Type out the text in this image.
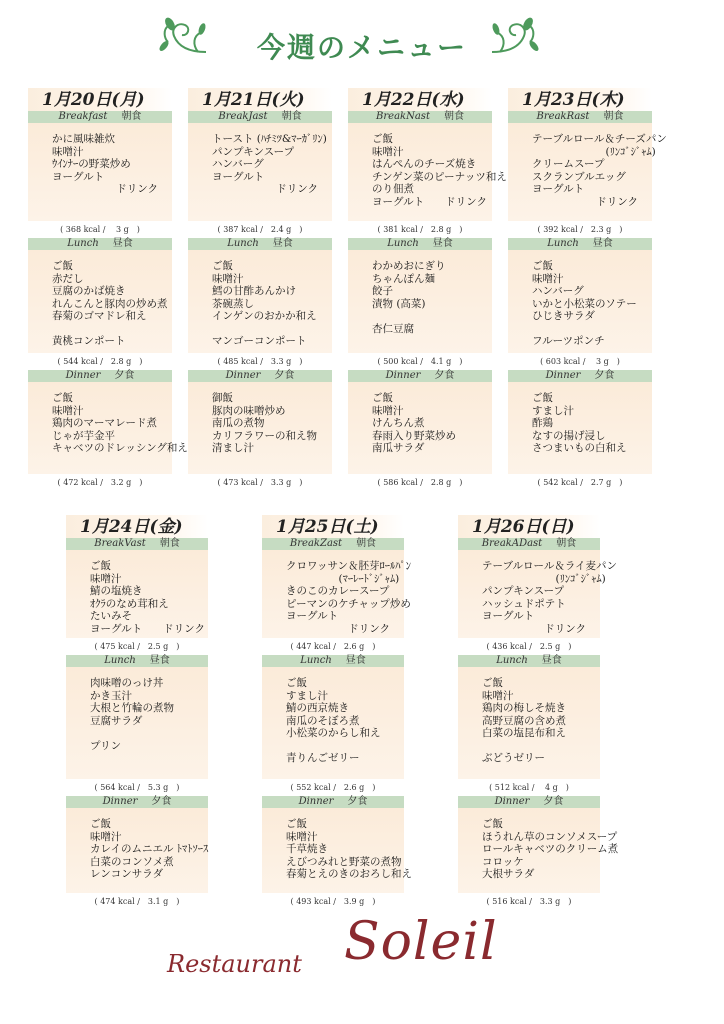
今週のメニュー
1月20日(月)
Breakfast 朝食
かに風味雑炊
味噌汁
ｳｲﾝﾅｰの野菜炒め
ヨーグルト
ドリンク
( 368 kcal /　 3 g　)
Lunch 昼食
ご飯
赤だし
豆腐のかば焼き
れんこんと豚肉の炒め煮
春菊のゴマドレ和え
黄桃コンポート
( 544 kcal /　2.8 g　)
Dinner 夕食
ご飯
味噌汁
鶏肉のマーマレード煮
じゃが芋金平
キャベツのドレッシング和え
( 472 kcal /　3.2 g　)
1月21日(火)
BreakJast 朝食
トースト (ﾊﾁﾐﾂ&ﾏｰｶﾞﾘﾝ)
パンプキンスープ
ハンバーグ
ヨーグルト
ドリンク
( 387 kcal /　2.4 g　)
Lunch 昼食
ご飯
味噌汁
鱈の甘酢あんかけ
茶碗蒸し
インゲンのおかか和え
マンゴーコンポート
( 485 kcal /　3.3 g　)
Dinner 夕食
御飯
豚肉の味噌炒め
南瓜の煮物
カリフラワーの和え物
清まし汁
( 473 kcal /　3.3 g　)
1月22日(水)
BreakNast 朝食
ご飯
味噌汁
はんぺんのチーズ焼き
チンゲン菜のピーナッツ和え
のり佃煮
ヨーグルト　　ドリンク
( 381 kcal /　2.8 g　)
Lunch 昼食
わかめおにぎり
ちゃんぽん麺
餃子
漬物 (高菜)
杏仁豆腐
( 500 kcal /　4.1 g　)
Dinner 夕食
ご飯
味噌汁
けんちん煮
春雨入り野菜炒め
南瓜サラダ
( 586 kcal /　2.8 g　)
1月23日(木)
BreakRast 朝食
テーブルロール＆チーズパン
　　　　　　　(ﾘﾝｺﾞｼﾞｬﾑ)
クリームスープ
スクランブルエッグ
ヨーグルト
ドリンク
( 392 kcal /　2.3 g　)
Lunch 昼食
ご飯
味噌汁
ハンバーグ
いかと小松菜のソテー
ひじきサラダ
フルーツポンチ
( 603 kcal /　 3 g　)
Dinner 夕食
ご飯
すまし汁
酢鶏
なすの揚げ浸し
さつまいもの白和え
( 542 kcal /　2.7 g　)
1月24日(金)
BreakVast 朝食
ご飯
味噌汁
鯖の塩焼き
ｵｸﾗのなめ茸和え
たいみそ
ヨーグルト　　ドリンク
( 475 kcal /　2.5 g　)
Lunch 昼食
肉味噌のっけ丼
かき玉汁
大根と竹輪の煮物
豆腐サラダ
プリン
( 564 kcal /　5.3 g　)
Dinner 夕食
ご飯
味噌汁
カレイのムニエル ﾄﾏﾄｿｰｽ
白菜のコンソメ煮
レンコンサラダ
( 474 kcal /　3.1 g　)
1月25日(土)
BreakZast 朝食
クロワッサン＆胚芽ﾛｰﾙﾊﾟﾝ
　　　　　(ﾏｰﾚｰﾄﾞｼﾞｬﾑ)
きのこのカレースープ
ピーマンのケチャップ炒め
ヨーグルト
ドリンク
( 447 kcal /　2.6 g　)
Lunch 昼食
ご飯
すまし汁
鯖の西京焼き
南瓜のそぼろ煮
小松菜のからし和え
青りんごゼリー
( 552 kcal /　2.6 g　)
Dinner 夕食
ご飯
味噌汁
千草焼き
えびつみれと野菜の煮物
春菊とえのきのおろし和え
( 493 kcal /　3.9 g　)
1月26日(日)
BreakADast 朝食
テーブルロール＆ライ麦パン
　　　　　　　(ﾘﾝｺﾞｼﾞｬﾑ)
パンプキンスープ
ハッシュドポテト
ヨーグルト
ドリンク
( 436 kcal /　2.5 g　)
Lunch 昼食
ご飯
味噌汁
鶏肉の梅しそ焼き
高野豆腐の含め煮
白菜の塩昆布和え
ぶどうゼリー
( 512 kcal /　 4 g　)
Dinner 夕食
ご飯
ほうれん草のコンソメスープ
ロールキャベツのクリーム煮
コロッケ
大根サラダ
( 516 kcal /　3.3 g　)
Restaurant Soleil
